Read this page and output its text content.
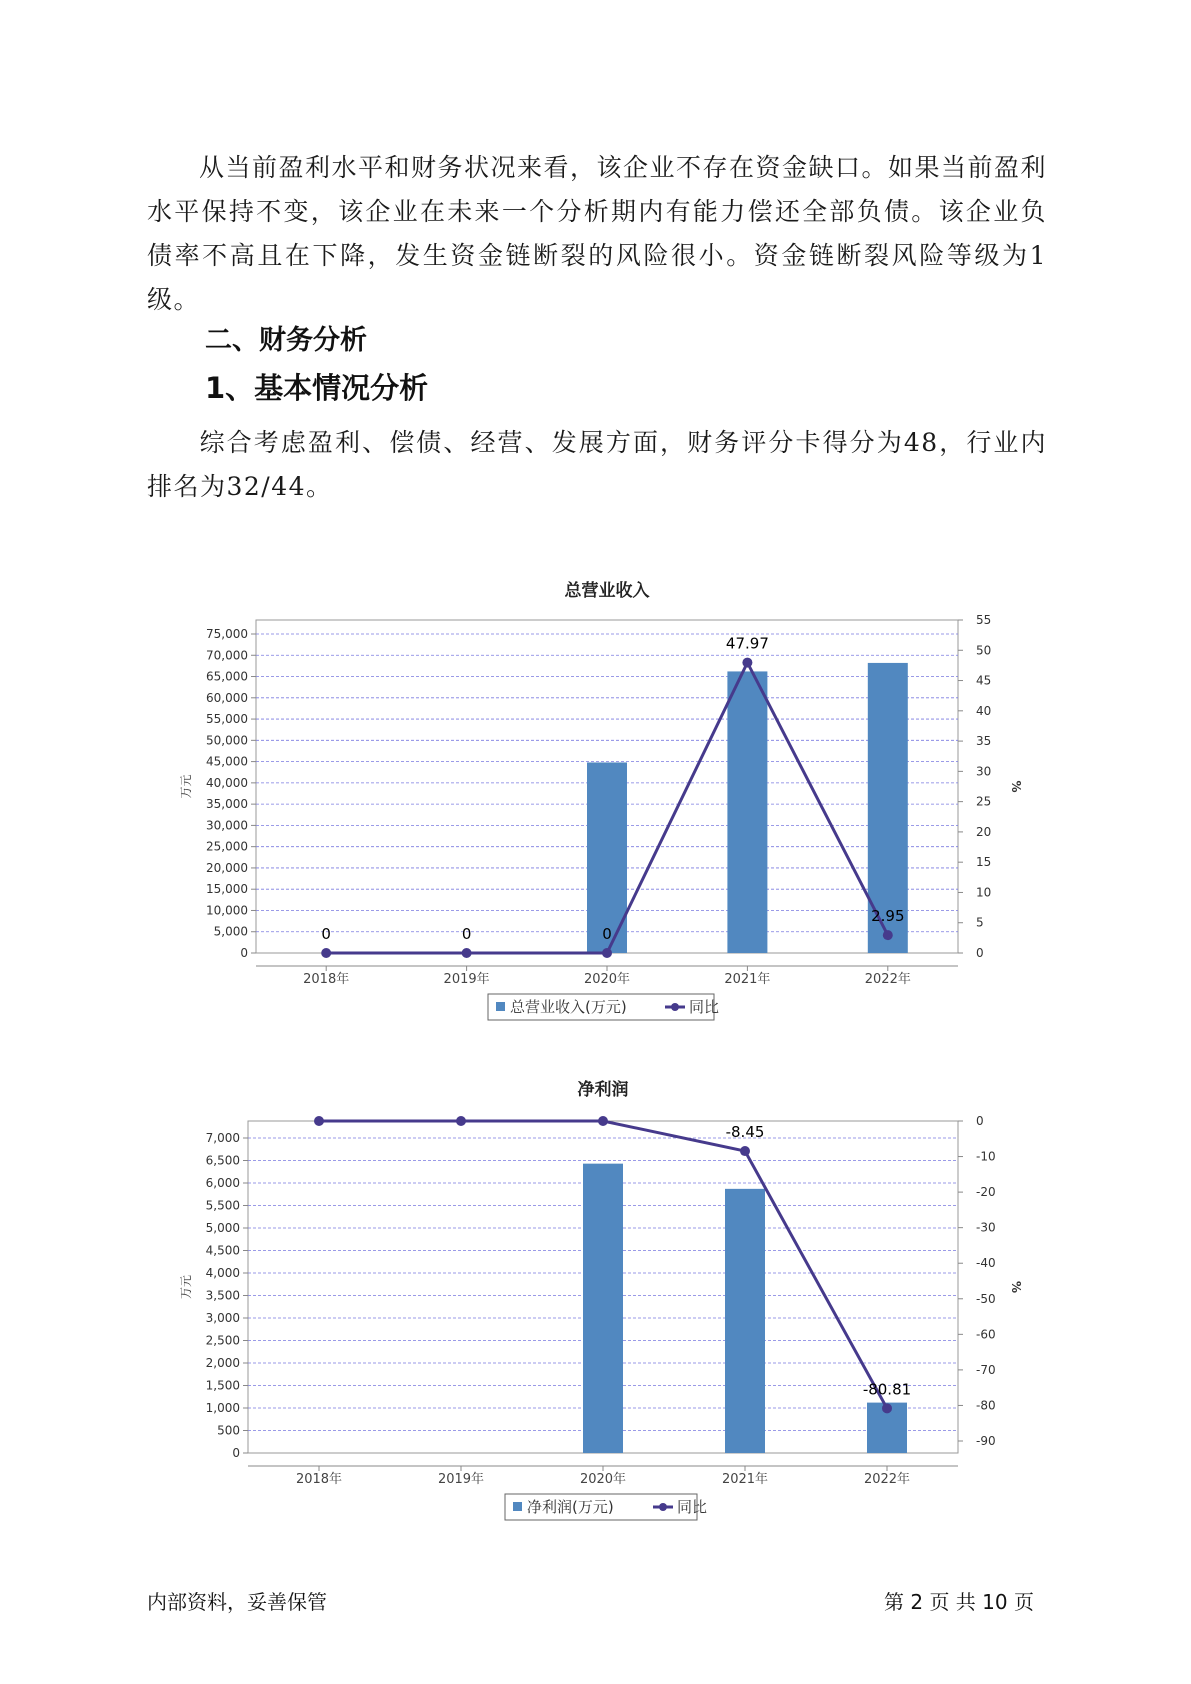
从当前盈利水平和财务状况来看，该企业不存在资金缺口。如果当前盈利水平保持不变，该企业在未来一个分析期内有能力偿还全部负债。该企业负债率不高且在下降，发生资金链断裂的风险很小。资金链断裂风险等级为1级。

二、财务分析
1、基本情况分析

综合考虑盈利、偿债、经营、发展方面，财务评分卡得分为48，行业内排名为32/44。

总营业收入
0
5,000
10,000
15,000
20,000
25,000
30,000
35,000
40,000
45,000
50,000
55,000
60,000
65,000
70,000
75,000
0
5
10
15
20
25
30
35
40
45
50
55
万元	%
2018年	2019年	2020年	2021年	2022年
0	0	0
47.97
2.95
总营业收入(万元)	同比
净利润
0
500
1,000
1,500
2,000
2,500
3,000
3,500
4,000
4,500
5,000
5,500
6,000
6,500
7,000
0
-10
-20
-30
-40
-50
-60
-70
-80
-90
万元	%
2018年	2019年	2020年	2021年	2022年
-8.45
-80.81
净利润(万元)	同比
内部资料，妥善保管	第 2 页 共 10 页
